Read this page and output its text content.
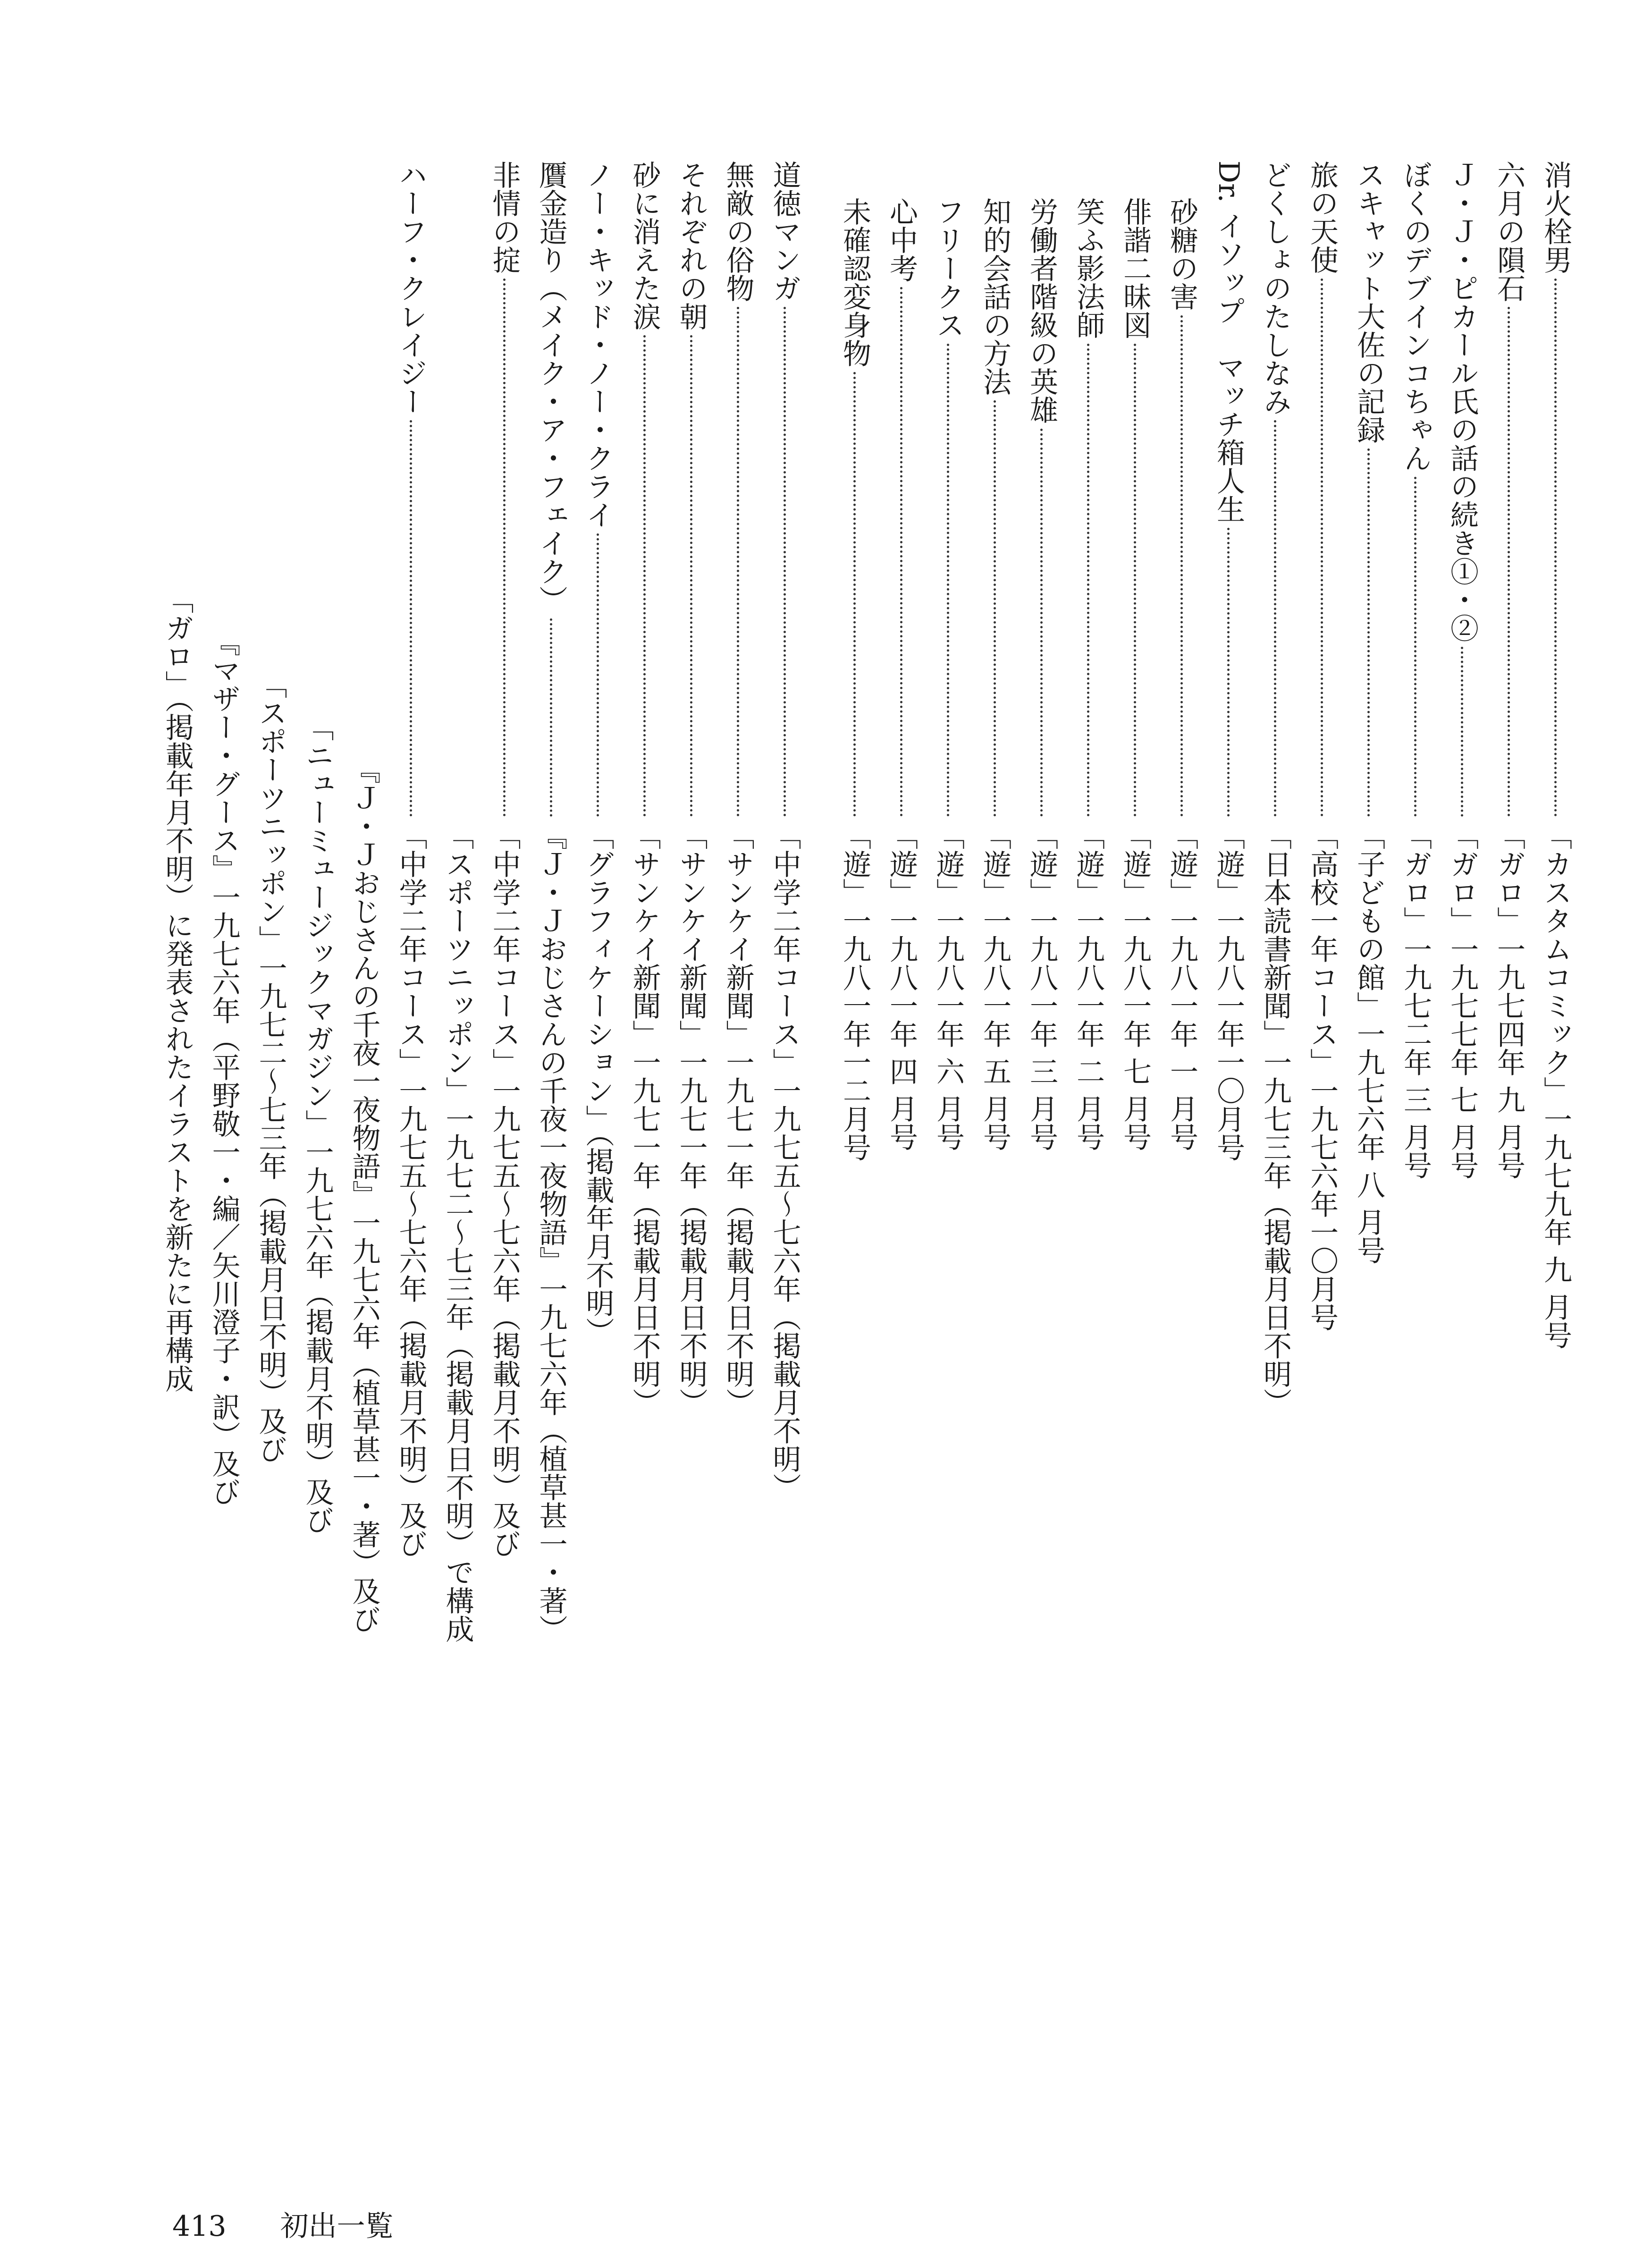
消火栓男
「カスタムコミック」一九七九年 九 月号
六月の隕石
「ガロ」一九七四年 九 月号
Ｊ・Ｊ・ピカール氏の話の続き①・②
「ガロ」一九七七年 七 月号
ぼくのデブインコちゃん
「ガロ」一九七二年 三 月号
スキャット大佐の記録
「子どもの館」一九七六年 八 月号
旅の天使
「高校一年コース」一九七六年一〇月号
どくしょのたしなみ
「日本読書新聞」一九七三年（掲載月日不明）
Dr. イソップ　マッチ箱人生
「遊」一九八一年一〇月号
砂糖の害
「遊」一九八一年 一 月号
俳諧二昧図
「遊」一九八一年 七 月号
笑ふ影法師
「遊」一九八一年 二 月号
労働者階級の英雄
「遊」一九八一年 三 月号
知的会話の方法
「遊」一九八一年 五 月号
フリークス
「遊」一九八一年 六 月号
心中考
「遊」一九八一年 四 月号
未確認変身物
「遊」一九八一年一二月号
道徳マンガ
「中学二年コース」一九七五〜七六年（掲載月不明）
無敵の俗物
「サンケイ新聞」一九七一年（掲載月日不明）
それぞれの朝
「サンケイ新聞」一九七一年（掲載月日不明）
砂に消えた涙
「サンケイ新聞」一九七一年（掲載月日不明）
ノー・キッド・ノー・クライ
「グラフィケーション」（掲載年月不明）
贋金造り（メイク・ア・フェイク）
『Ｊ・Ｊおじさんの千夜一夜物語』一九七六年（植草甚一・著）
非情の掟
「中学二年コース」一九七五〜七六年（掲載月不明）及び
「スポーツニッポン」一九七二〜七三年（掲載月日不明）で構成
ハーフ・クレイジー
「中学二年コース」一九七五〜七六年（掲載月不明）及び
『Ｊ・Ｊおじさんの千夜一夜物語』一九七六年（植草甚一・著）及び
「ニューミュージックマガジン」一九七六年（掲載月不明）及び
「スポーツニッポン」一九七二〜七三年（掲載月日不明）及び
『マザー・グース』一九七六年（平野敬一・編／矢川澄子・訳）及び
「ガロ」（掲載年月不明）に発表されたイラストを新たに再構成
413 初出一覧
